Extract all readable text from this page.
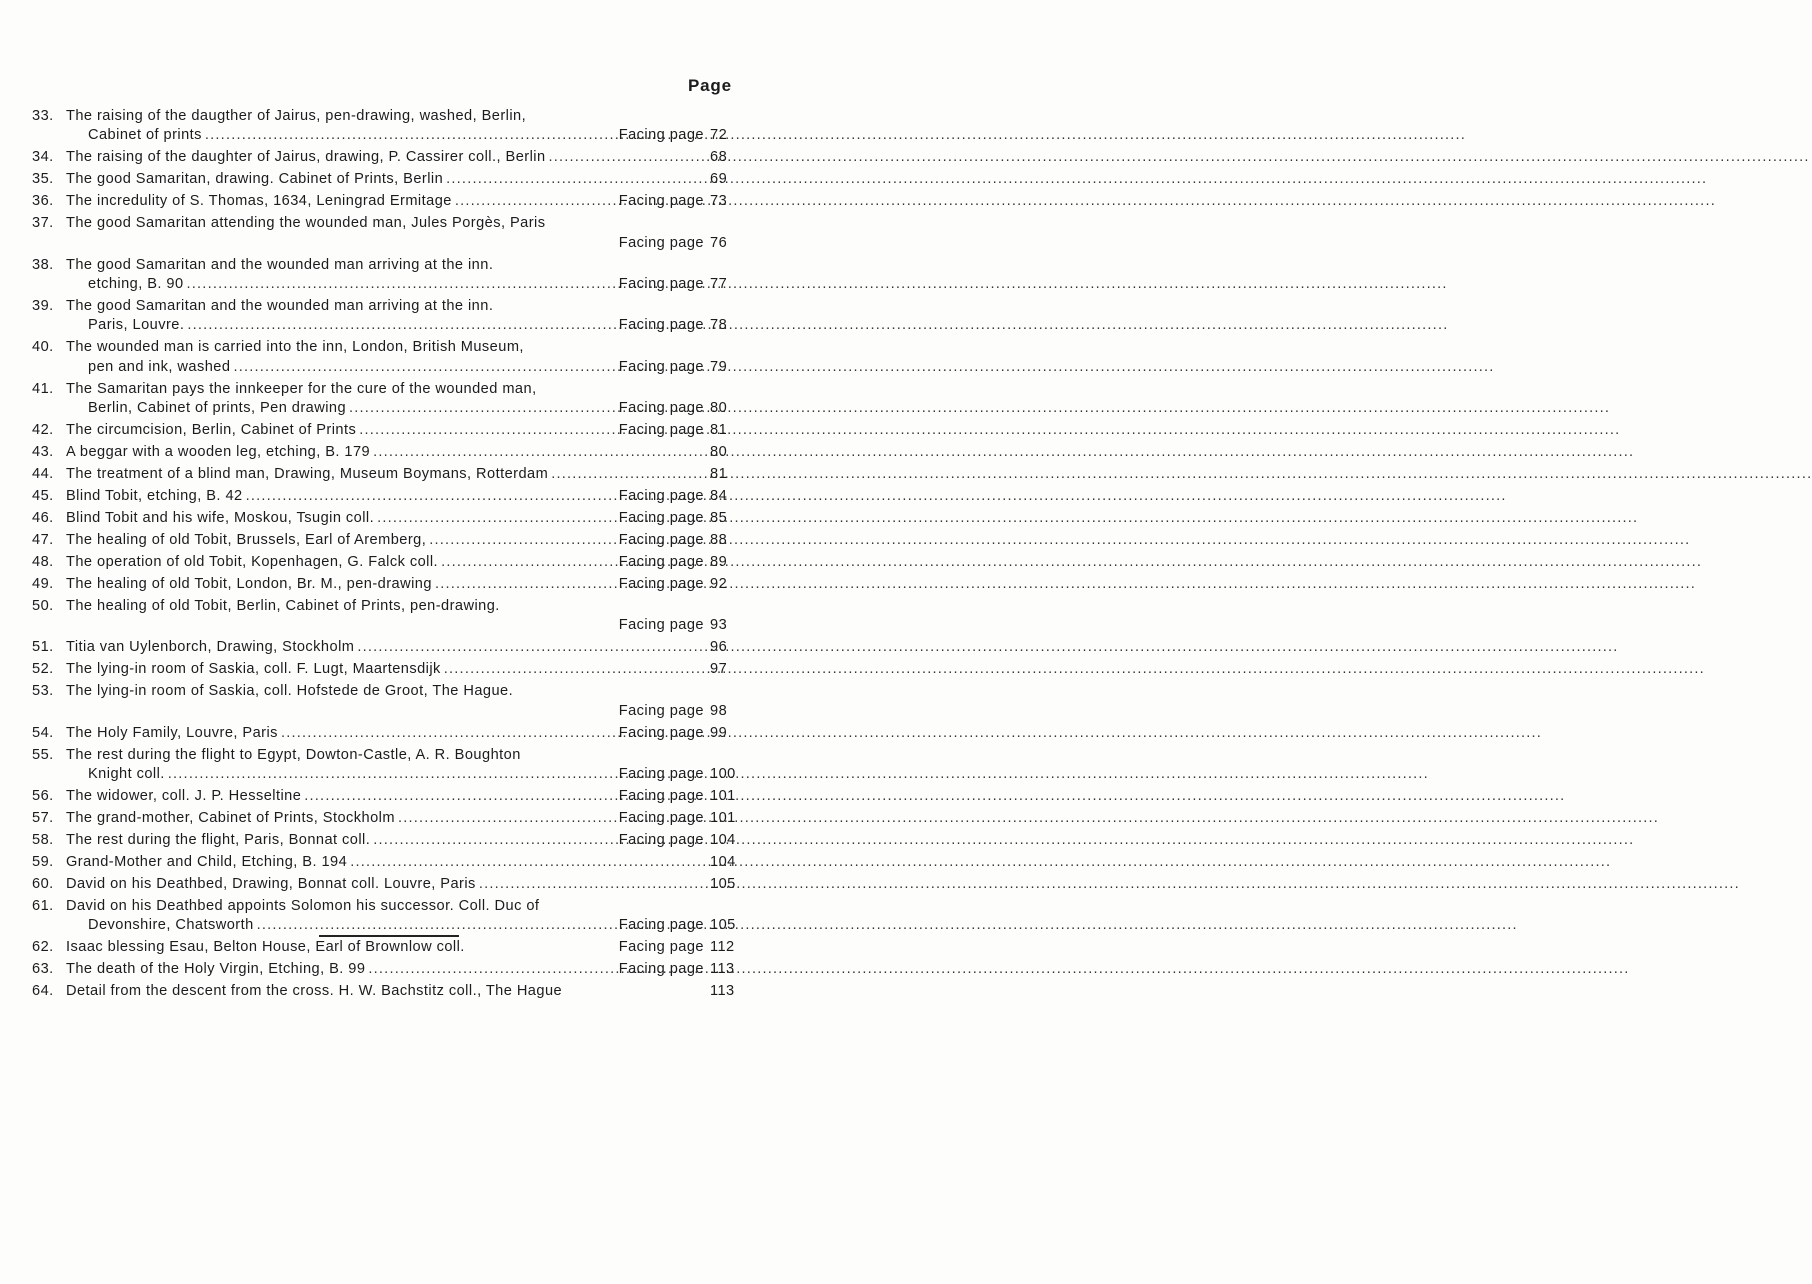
Page
33. The raising of the daugther of Jairus, pen-drawing, washed, Berlin,
Cabinet of prints .....	Facing page 72
34. The raising of the daughter of Jairus, drawing, P. Cassirer coll., Berlin .....	68
35. The good Samaritan, drawing. Cabinet of Prints, Berlin .....	69
36. The incredulity of S. Thomas, 1634, Leningrad Ermitage .....	Facing page 73
37. The good Samaritan attending the wounded man, Jules Porgès, Paris
Facing page 76
38. The good Samaritan and the wounded man arriving at the inn.
etching, B. 90 .....	Facing page 77
39. The good Samaritan and the wounded man arriving at the inn.
Paris, Louvre. .....	Facing page 78
40. The wounded man is carried into the inn, London, British Museum,
pen and ink, washed .....	Facing page 79
41. The Samaritan pays the innkeeper for the cure of the wounded man,
Berlin, Cabinet of prints, Pen drawing .....	Facing page 80
42. The circumcision, Berlin, Cabinet of Prints .....	Facing page 81
43. A beggar with a wooden leg, etching, B. 179 .....	80
44. The treatment of a blind man, Drawing, Museum Boymans, Rotterdam .....	81
45. Blind Tobit, etching, B. 42 .....	Facing page 84
46. Blind Tobit and his wife, Moskou, Tsugin coll. .....	Facing page 85
47. The healing of old Tobit, Brussels, Earl of Aremberg, .....	Facing page 88
48. The operation of old Tobit, Kopenhagen, G. Falck coll. .....	Facing page 89
49. The healing of old Tobit, London, Br. M., pen-drawing .....	Facing page 92
50. The healing of old Tobit, Berlin, Cabinet of Prints, pen-drawing.
Facing page 93
51. Titia van Uylenborch, Drawing, Stockholm .....	96
52. The lying-in room of Saskia, coll. F. Lugt, Maartensdijk .....	97
53. The lying-in room of Saskia, coll. Hofstede de Groot, The Hague.
Facing page 98
54. The Holy Family, Louvre, Paris .....	Facing page 99
55. The rest during the flight to Egypt, Dowton-Castle, A. R. Boughton
Knight coll. .....	Facing page 100
56. The widower, coll. J. P. Hesseltine .....	Facing page 101
57. The grand-mother, Cabinet of Prints, Stockholm .....	Facing page 101
58. The rest during the flight, Paris, Bonnat coll. .....	Facing page 104
59. Grand-Mother and Child, Etching, B. 194 .....	104
60. David on his Deathbed, Drawing, Bonnat coll. Louvre, Paris .....	105
61. David on his Deathbed appoints Solomon his successor. Coll. Duc of
Devonshire, Chatsworth .....	Facing page 105
62. Isaac blessing Esau, Belton House, Earl of Brownlow coll.	Facing page 112
63. The death of the Holy Virgin, Etching, B. 99 .....	Facing page 113
64. Detail from the descent from the cross. H. W. Bachstitz coll., The Hague	113
